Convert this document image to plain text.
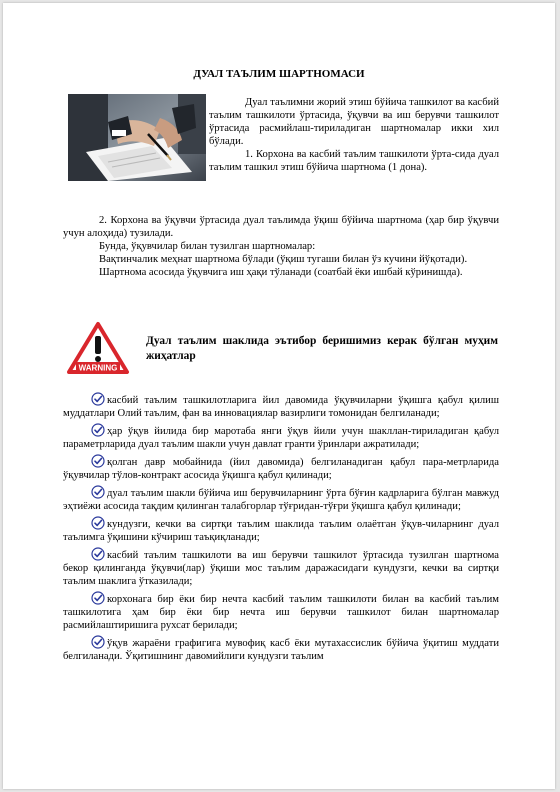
ДУАЛ ТАЪЛИМ ШАРТНОМАСИ

Дуал таълимни жорий этиш бўйича ташкилот ва касбий таълим ташкилоти ўртасида, ўқувчи ва иш берувчи ташкилот ўртасида расмийлаш-тириладиган шартномалар икки хил бўлади.

1. Корхона ва касбий таълим ташкилоти ўрта-сида дуал таълим ташкил этиш бўйича шартнома (1 дона).

2. Корхона ва ўқувчи ўртасида дуал таълимда ўқиш бўйича шартнома (ҳар бир ўқувчи учун алоҳида) тузилади.

Бунда, ўқувчилар билан тузилган шартномалар:

Вақтинчалик меҳнат шартнома бўлади (ўқиш тугаши билан ўз кучини йўқотади).

Шартнома асосида ўқувчига иш ҳақи тўланади (соатбай ёки ишбай кўринишда).

WARNING
Дуал таълим шаклида эътибор беришимиз керак бўлган муҳим жиҳатлар

касбий таълим ташкилотларига йил давомида ўқувчиларни ўқишга қабул қилиш муддатлари Олий таълим, фан ва инновациялар вазирлиги томонидан белгиланади;

ҳар ўқув йилида бир маротаба янги ўқув йили учун шакллан-тириладиган қабул параметрларида дуал таълим шакли учун давлат гранти ўринлари ажратилади;

қолган давр мобайнида (йил давомида) белгиланадиган қабул пара-метрларида ўқувчилар тўлов-контракт асосида ўқишга қабул қилинади;

дуал таълим шакли бўйича иш берувчиларнинг ўрта бўғин кадрларига бўлган мавжуд эҳтиёжи асосида тақдим қилинган талабгорлар тўғридан-тўғри ўқишга қабул қилинади;

кундузги, кечки ва сиртқи таълим шаклида таълим олаётган ўқув-чиларнинг дуал таълимга ўқишини кўчириш таъқиқланади;

касбий таълим ташкилоти ва иш берувчи ташкилот ўртасида тузилган шартнома бекор қилинганда ўқувчи(лар) ўқиши мос таълим даражасидаги кундузги, кечки ва сиртқи таълим шаклига ўтказилади;

корхонага бир ёки бир нечта касбий таълим ташкилоти билан ва касбий таълим ташкилотига ҳам бир ёки бир нечта иш берувчи ташкилот билан шартномалар расмийлаштиришига рухсат берилади;

ўқув жараёни графигига мувофиқ касб ёки мутахассислик бўйича ўқитиш муддати белгиланади. Ўқитишнинг давомийлиги кундузги таълим
